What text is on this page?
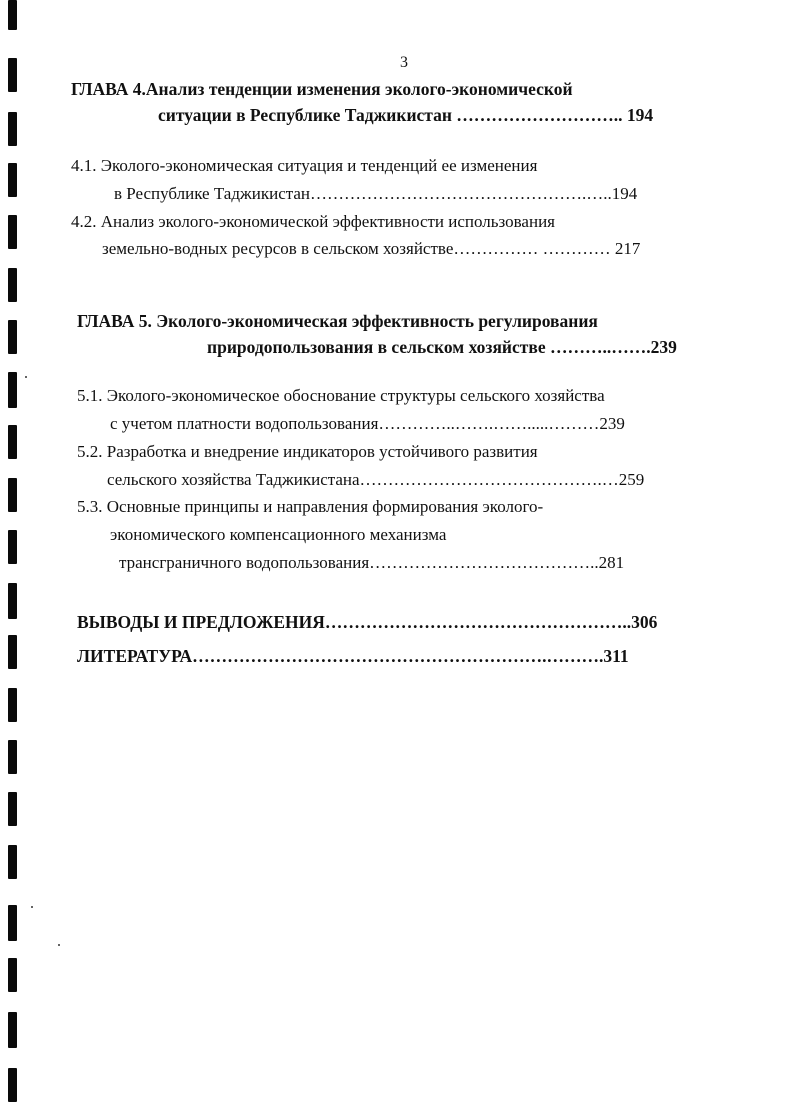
3
ГЛАВА 4.Анализ тенденции изменения эколого-экономической
ситуации в Республике Таджикистан ……………………….. 194
4.1. Эколого-экономическая ситуация и тенденций ее изменения
в Республике Таджикистан………………………………………….…..194
4.2. Анализ эколого-экономической эффективности использования
земельно-водных ресурсов в сельском хозяйстве…………… ………… 217
ГЛАВА 5. Эколого-экономическая эффективность регулирования
природопользования в сельском хозяйстве ………..…….239
5.1. Эколого-экономическое обоснование структуры сельского хозяйства
с учетом платности водопользования…………..…….…….....………239
5.2. Разработка и внедрение индикаторов устойчивого развития
сельского хозяйства Таджикистана…………………………………….…259
5.3. Основные принципы и направления формирования эколого-
экономического компенсационного механизма
трансграничного водопользования…………………………………..281
ВЫВОДЫ И ПРЕДЛОЖЕНИЯ……………………………………………..306
ЛИТЕРАТУРА…………………………………………………….……….311
